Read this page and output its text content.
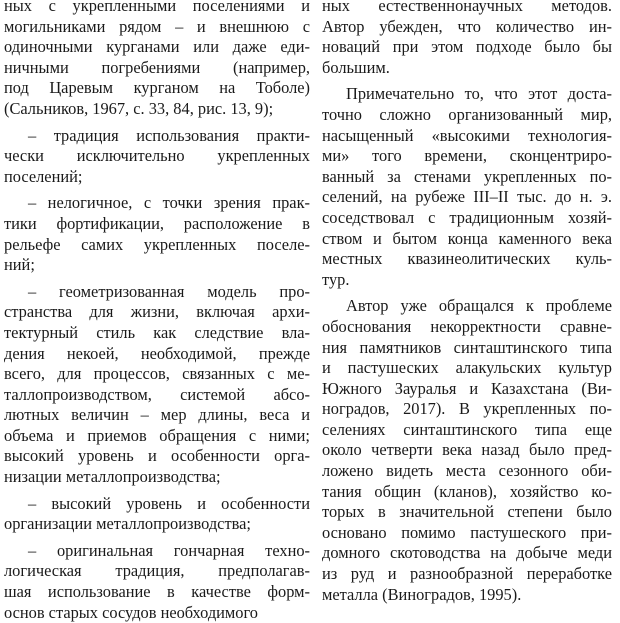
ных с укрепленными поселениями и
могильниками рядом – и внешнюю с
одиночными курганами или даже еди-
ничными погребениями (например,
под Царевым курганом на Тоболе)
(Сальников, 1967, с. 33, 84, рис. 13, 9);
– традиция использования практи-
чески исключительно укрепленных
поселений;
– нелогичное, с точки зрения прак-
тики фортификации, расположение в
рельефе самих укрепленных поселе-
ний;
– геометризованная модель про-
странства для жизни, включая архи-
тектурный стиль как следствие вла-
дения некоей, необходимой, прежде
всего, для процессов, связанных с ме-
таллопроизводством, системой абсо-
лютных величин – мер длины, веса и
объема и приемов обращения с ними;
высокий уровень и особенности орга-
низации металлопроизводства;
– высокий уровень и особенности
организации металлопроизводства;
– оригинальная гончарная техно-
логическая традиция, предполагав-
шая использование в качестве форм-
основ старых сосудов необходимого
ных естественнонаучных методов.
Автор убежден, что количество ин-
новаций при этом подходе было бы
большим.
Примечательно то, что этот доста-
точно сложно организованный мир,
насыщенный «высокими технология-
ми» того времени, сконцентриро-
ванный за стенами укрепленных по-
селений, на рубеже III–II тыс. до н. э.
соседствовал с традиционным хозяй-
ством и бытом конца каменного века
местных квазинеолитических куль-
тур.
Автор уже обращался к проблеме
обоснования некорректности сравне-
ния памятников синташтинского типа
и пастушеских алакульских культур
Южного Зауралья и Казахстана (Ви-
ноградов, 2017). В укрепленных по-
селениях синташтинского типа еще
около четверти века назад было пред-
ложено видеть места сезонного оби-
тания общин (кланов), хозяйство ко-
торых в значительной степени было
основано помимо пастушеского при-
домного скотоводства на добыче меди
из руд и разнообразной переработке
металла (Виноградов, 1995).
